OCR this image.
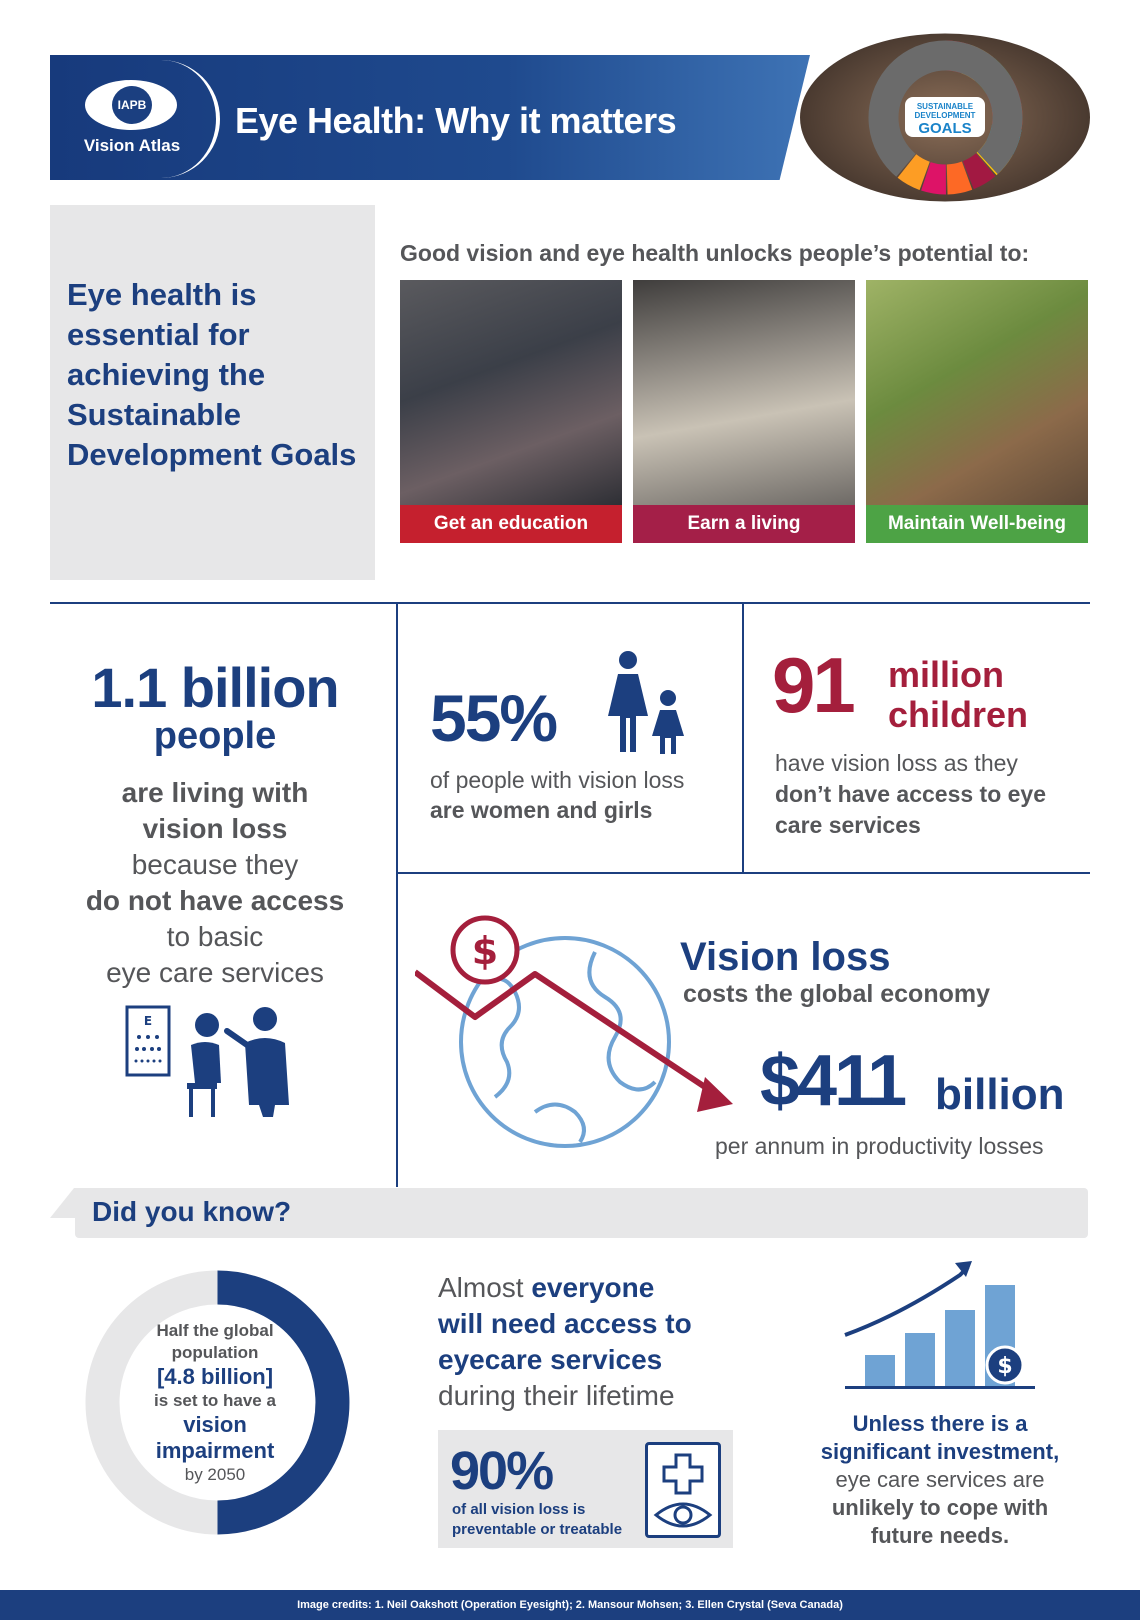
IAPB
Vision Atlas
Eye Health: Why it matters	SUSTAINABLE
DEVELOPMENT
GOALS
Eye health is essential for achieving the Sustainable Development Goals
Good vision and eye health unlocks people’s potential to:
Get an education	Earn a living	Maintain Well-being
1.1 billion
people
are living with
vision loss
because they
do not have access
to basic
eye care services
E
55%
of people with vision loss
are women and girls
91 million
children
have vision loss as they
don’t have access to eye
care services
$	Vision loss
costs the global economy
$411 billion
per annum in productivity losses
Did you know?
Half the global
population
[4.8 billion]
is set to have a
vision
impairment
by 2050
Almost everyone
will need access to eyecare services
during their lifetime
90%
of all vision loss is
preventable or treatable
$
Unless there is a significant investment,
eye care services are
unlikely to cope with future needs.
Image credits: 1. Neil Oakshott (Operation Eyesight); 2. Mansour Mohsen; 3. Ellen Crystal (Seva Canada)
